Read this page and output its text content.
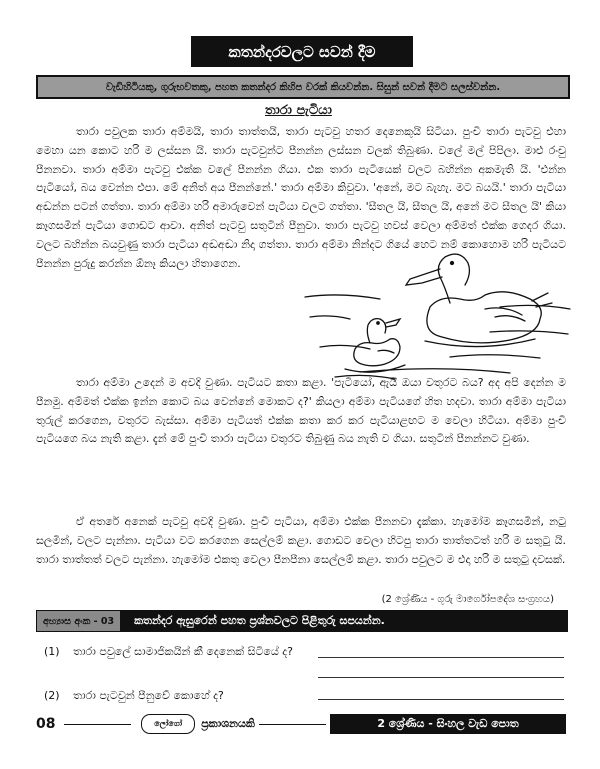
කතන්දරවලට සවන් දීම
වැඩිහිටියකු, ගුරුභවතකු, පහත කතන්දර කිහිප වරක් කියවන්න. සිසුන් සවන් දීමට සලස්වන්න.
තාරා පැටියා
තාරා පවුලක තාරා අම්මයි, තාරා තාත්තයි, තාරා පැටවු හතර දෙනෙකුයි සිටියා. පුංචි තාරා පැටවු එහා මෙහා යන කොට හරි ම ලස්සන යි. තාරා පැටවුන්ට පීනන්න ලස්සන වලක් තිබුණා. වලේ මල් පිපිලා. මාළු රංචු පීනනවා. තාරා අම්මා පැටවු එක්ක වලේ පීනන්න ගියා. එක තාරා පැටියෙක් වලට බහින්න අකමැති යි. 'එන්න පැටියෝ, බය වෙන්න එපා. මේ අනිත් අය පීනන්නේ.' තාරා අම්මා කිවුවා. 'අනේ, මට බැහැ. මට බයයි.' තාරා පැටියා අඬන්න පටන් ගත්තා. තාරා අම්මා හරි අමාරුවෙන් පැටියා වලට ගත්තා. 'සීතල යි, සීතල යි, අනේ මට සීතල යි' කියා කෑගසමින් පැටියා ගොඩට ආවා. අනිත් පැටවු සතුටින් පීනුවා. තාරා පැටවු හවස් වෙලා අම්මත් එක්ක ගෙදර ගියා. වලට බහින්න බයවුණු තාරා පැටියා අඬඅඬා නිදා ගත්තා. තාරා අම්මා නින්දට ගියේ හෙට නම් කොහොම හරි පැටියට පීනන්න පුරුදු කරන්න ඕනෑ කියලා හිතාගෙන.
තාරා අම්මා උදෙන් ම අවදි වුණා. පැටියට කතා කළා. 'පැටියෝ, ඇයි ඔයා වතුරට බය? අද අපි දෙන්න ම පීනමු. අම්මත් එක්ක ඉන්න කොට බය වෙන්නේ මොකට ද?' කියලා අම්මා පැටියගේ හිත හදවා. තාරා අම්මා පැටියා තුරුල් කරගෙන, වතුරට බැස්සා. අම්මා පැටියත් එක්ක කතා කර කර පැටියාළඟට ම වෙලා හිටියා. අම්මා පුංචි පැටියගෙ බය නැති කළා. දැන් මේ පුංචි තාරා පැටියා වතුරට තිබුණු බය නැති ව ගියා. සතුටින් පීනන්නට වුණා.
ඒ අතරේ අනෙක් පැටවු අවදි වුණා. පුංචි පැටියා, අම්මා එක්ක පීනනවා දැක්කා. හැමෝම කෑගසමින්, නටු සලමින්, වලට පැන්නා. පැටියා වට කරගෙන සෙල්ලම් කළා. ගොඩට වෙලා හිටපු තාරා තාත්තටත් හරි ම සතුටු යි. තාරා තාත්තත් වලට පැන්නා. හැමෝම එකතු වෙලා පීනපීනා සෙල්ලම් කළා. තාරා පවුලට ම එදා හරි ම සතුටු දවසක්.
(2 ශ්‍රේණිය - ගුරු මාර්ගෝපදේශ සංග්‍රහය)
අභ්‍යාස අංක - 03	කතන්දර ඇසුරෙන් පහත ප්‍රශ්නවලට පිළිතුරු සපයන්න.
(1) තාරා පවුලේ සාමාජිකයින් කී දෙනෙක් සිටියේ ද?
(2) තාරා පැටවුන් පීනුවේ කොහේ ද?
08	ලෝගෝ	ප්‍රකාශනයකි	2 ශ්‍රේණිය - සිංහල වැඩ පොත
